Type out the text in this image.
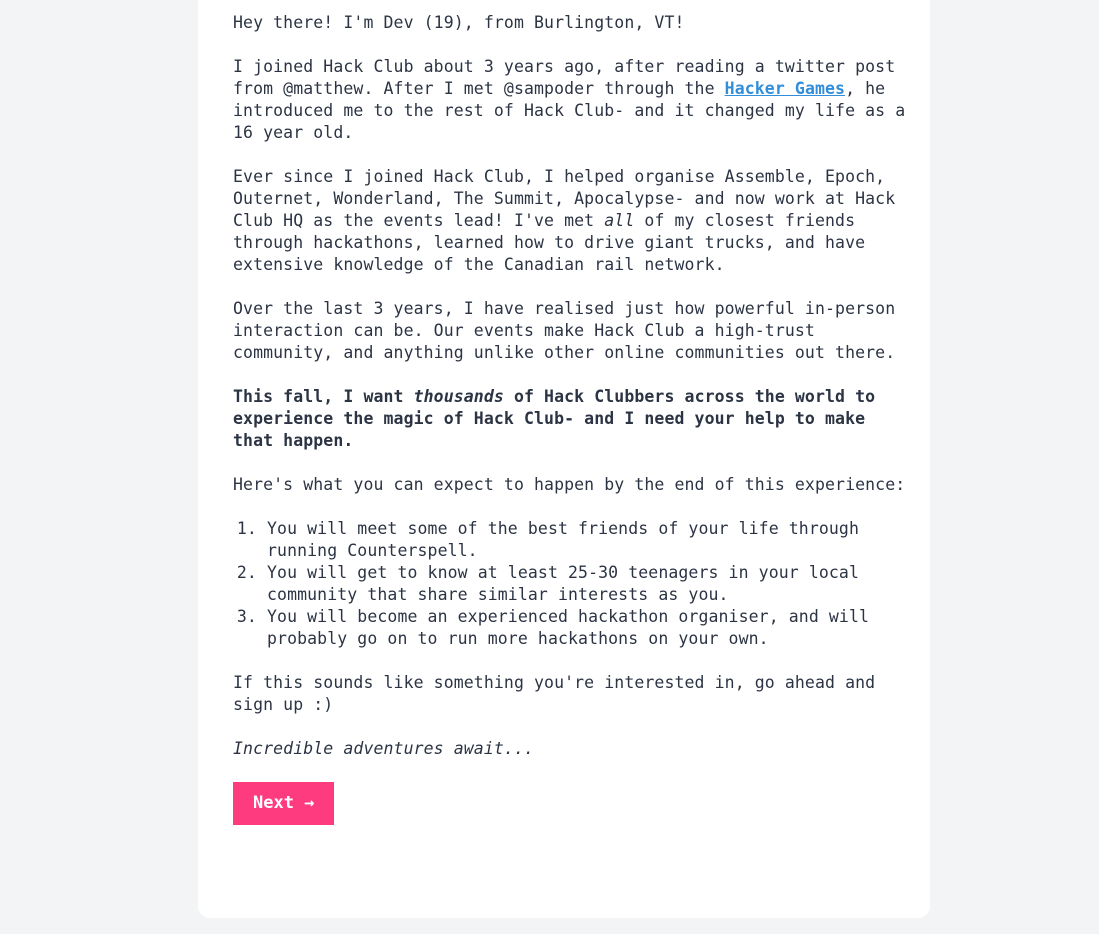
Hey there! I'm Dev (19), from Burlington, VT!

I joined Hack Club about 3 years ago, after reading a twitter post from @matthew. After I met @sampoder through the Hacker Games, he introduced me to the rest of Hack Club- and it changed my life as a 16 year old.

Ever since I joined Hack Club, I helped organise Assemble, Epoch, Outernet, Wonderland, The Summit, Apocalypse- and now work at Hack Club HQ as the events lead! I've met all of my closest friends through hackathons, learned how to drive giant trucks, and have extensive knowledge of the Canadian rail network.

Over the last 3 years, I have realised just how powerful in-person interaction can be. Our events make Hack Club a high-trust community, and anything unlike other online communities out there.

This fall, I want thousands of Hack Clubbers across the world to experience the magic of Hack Club- and I need your help to make that happen.

Here's what you can expect to happen by the end of this experience:

1. You will meet some of the best friends of your life through running Counterspell.
2. You will get to know at least 25-30 teenagers in your local community that share similar interests as you.
3. You will become an experienced hackathon organiser, and will probably go on to run more hackathons on your own.

If this sounds like something you're interested in, go ahead and sign up :)

Incredible adventures await...

Next →
